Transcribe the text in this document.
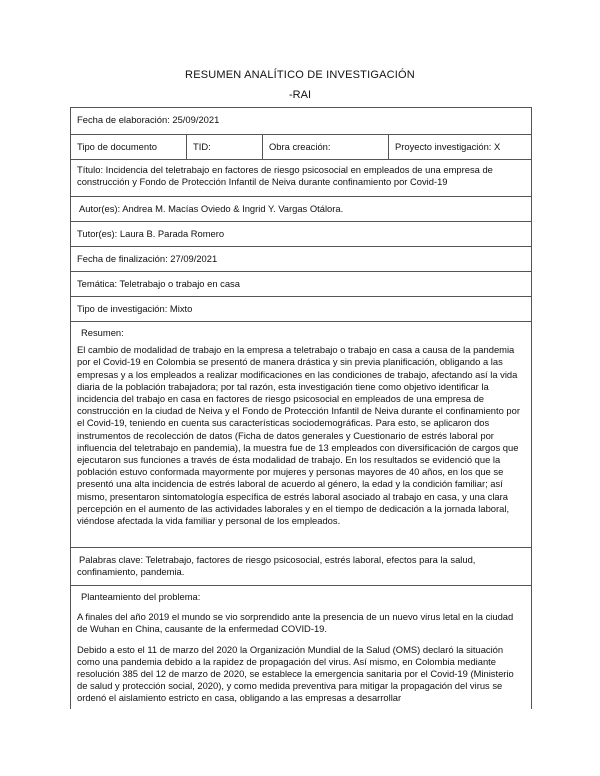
RESUMEN ANALÍTICO DE INVESTIGACIÓN
-RAI
Fecha de elaboración: 25/09/2021
Tipo de documento	TID:	Obra creación:	Proyecto investigación: X
Título: Incidencia del teletrabajo en factores de riesgo psicosocial en empleados de una empresa de construcción y Fondo de Protección Infantil de Neiva durante confinamiento por Covid-19
Autor(es): Andrea M. Macías Oviedo & Ingrid Y. Vargas Otálora.
Tutor(es): Laura B. Parada Romero
Fecha de finalización: 27/09/2021
Temática: Teletrabajo o trabajo en casa
Tipo de investigación: Mixto
Resumen:

El cambio de modalidad de trabajo en la empresa a teletrabajo o trabajo en casa a causa de la pandemia por el Covid-19 en Colombia se presentó de manera drástica y sin previa planificación, obligando a las empresas y a los empleados a realizar modificaciones en las condiciones de trabajo, afectando así la vida diaria de la población trabajadora; por tal razón, esta investigación tiene como objetivo identificar la incidencia del trabajo en casa en factores de riesgo psicosocial en empleados de una empresa de construcción en la ciudad de Neiva y el Fondo de Protección Infantil de Neiva durante el confinamiento por el Covid-19, teniendo en cuenta sus características sociodemográficas. Para esto, se aplicaron dos instrumentos de recolección de datos (Ficha de datos generales y Cuestionario de estrés laboral por influencia del teletrabajo en pandemia), la muestra fue de 13 empleados con diversificación de cargos que ejecutaron sus funciones a través de ésta modalidad de trabajo. En los resultados se evidenció que la población estuvo conformada mayormente por mujeres y personas mayores de 40 años, en los que se presentó una alta incidencia de estrés laboral de acuerdo al género, la edad y la condición familiar; así mismo, presentaron sintomatología específica de estrés laboral asociado al trabajo en casa, y una clara percepción en el aumento de las actividades laborales y en el tiempo de dedicación a la jornada laboral, viéndose afectada la vida familiar y personal de los empleados.

Palabras clave: Teletrabajo, factores de riesgo psicosocial, estrés laboral, efectos para la salud, confinamiento, pandemia.
Planteamiento del problema:

A finales del año 2019 el mundo se vio sorprendido ante la presencia de un nuevo virus letal en la ciudad de Wuhan en China, causante de la enfermedad COVID-19.

Debido a esto el 11 de marzo del 2020 la Organización Mundial de la Salud (OMS) declaró la situación como una pandemia debido a la rapidez de propagación del virus. Así mismo, en Colombia mediante resolución 385 del 12 de marzo de 2020, se establece la emergencia sanitaria por el Covid-19 (Ministerio de salud y protección social, 2020), y como medida preventiva para mitigar la propagación del virus se ordenó el aislamiento estricto en casa, obligando a las empresas a desarrollar
